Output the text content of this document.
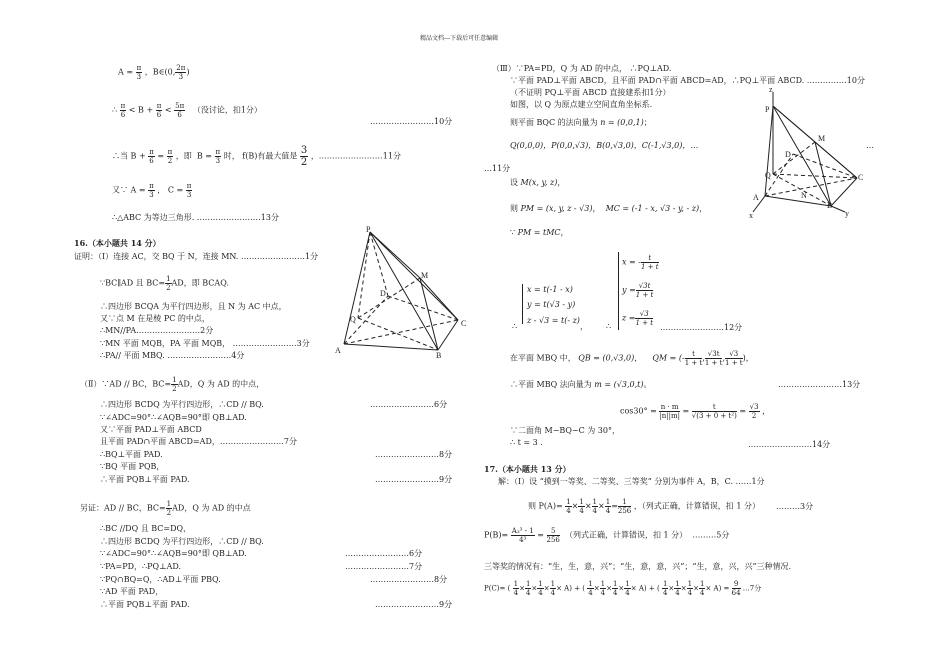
精品文档---下载后可任意编辑
$A = \frac{\pi}{3}$ ，B∈(0, $\frac{2\pi}{3}$ )
∴ $\frac{\pi}{6} < B + \frac{\pi}{6} < \frac{5\pi}{6}$ （没讨论，扣1分）
……………………10分
∴当 $B + \frac{\pi}{6} = \frac{\pi}{2}$ ，即 $B = \frac{\pi}{3}$ 时， f(B)有最大值是 $\frac{3}{2}$ ，……………………11分
又∵ $A = \frac{\pi}{3}$ ， $C = \frac{\pi}{3}$
∴△ABC 为等边三角形. ……………………13分
16.（本小题共 14 分）
证明：（Ⅰ）连接 AC，交 BQ 于 N，连接 MN. ……………………1分
∵BC∥AD 且 $BC= \frac{1}{2}$ AD，即 BCAQ.
∴四边形 BCQA 为平行四边形，且 N 为 AC 中点，
又∵点 M 在是棱 PC 的中点，
∴MN//PA……………………2分
∵MN 平面 MQB，PA 平面 MQB， ……………………3分
∴PA// 平面 MBQ. ……………………4分
（Ⅱ）∵AD // BC，$BC= \frac{1}{2}$ AD，Q 为 AD 的中点，
∴四边形 BCDQ 为平行四边形，∴CD // BQ.	……………………6分
∵∠ADC=90°∴∠AQB=90°即 QB⊥AD.
又∵平面 PAD⊥平面 ABCD
且平面 PAD∩平面 ABCD=AD，……………………7分
∴BQ⊥平面 PAD.	……………………8分
∵BQ 平面 PQB，
∴平面 PQB⊥平面 PAD.	……………………9分
另证：AD // BC，$BC= \frac{1}{2}$ AD，Q 为 AD 的中点
∴BC //DQ 且 BC=DQ，
∴四边形 BCDQ 为平行四边形，∴CD // BQ.
∵∠ADC=90°∴∠AQB=90°即 QB⊥AD.	……………………6分
∵PA=PD，∴PQ⊥AD.	……………………7分
∵PQ∩BQ=Q，∴AD⊥平面 PBQ.	……………………8分
∵AD 平面 PAD，
∴平面 PQB⊥平面 PAD.	……………………9分
P
M
D
Q	C
A
B
（Ⅲ）∵PA=PD，Q 为 AD 的中点， ∴PQ⊥AD.
∵平面 PAD⊥平面 ABCD，且平面 PAD∩平面 ABCD=AD，∴PQ⊥平面 ABCD. ……………10分
（不证明 PQ⊥平面 ABCD 直接建系扣1分）
如图，以 Q 为原点建立空间直角坐标系.
则平面 BQC 的法向量为 n = (0,0,1)；
Q(0,0,0)，P(0,0,√3)，B(0,√3,0)，C(-1,√3,0)，…	…
…11分
设 M(x, y, z)，
则 PM = (x, y, z - √3)， MC = (-1 - x, √3 - y, - z)，
∵ PM = tMC，
x = t(-1 - x)
y = t(√3 - y)
z - √3 = t(- z)
∴	， ∴
x = - $\frac{t}{1 + t}$
$y = \frac{√3t}{1 + t}$
$z = \frac{√3}{1 + t}$
……………………12分
在平面 MBQ 中， QB = (0,√3,0)， QM = (- $\frac{t}{1 + t}$ , $\frac{√3t}{1 + t}$ , $\frac{√3}{1 + t}$ )，
∴平面 MBQ 法向量为 m = (√3,0,t)。	……………………13分
$\cos 30^\circ = \frac{n \cdot m}{|n||m|} = \frac{t}{\text{√(3 + 0 + t²)}} = \frac{√3}{2}$ ，
∵二面角 M−BQ−C 为 30°，
∴ t = 3 .	……………………14分
17.（本小题共 13 分）
解：（Ⅰ）设 “摸到一等奖、二等奖、三等奖” 分别为事件 A，B，C. ……1分
则 $P(A)= \frac{1}{4} \times \frac{1}{4} \times \frac{1}{4} \times \frac{1}{4} = \frac{1}{256}$ ，（列式正确，计算错误，扣 1 分） ………3分
$P(B)= \frac{\text{A₃³ - 1}}{\text{4³}} = \frac{5}{256}$ （列式正确，计算错误，扣 1 分） ………5分
三等奖的情况有：“生，生，意，兴”；“生，意，意，兴”；“生，意，兴，兴”三种情况.
P(C)= ( $\frac{1}{4} \times \frac{1}{4} \times \frac{1}{4} \times \frac{1}{4} \times A$) + ( $\frac{1}{4} \times \frac{1}{4} \times \frac{1}{4} \times \frac{1}{4} \times A$) + ( $\frac{1}{4} \times \frac{1}{4} \times \frac{1}{4} \times \frac{1}{4} \times A) = \frac{9}{64}$ …7分
z
P
M
D
Q
N
C
A
B
x	y
